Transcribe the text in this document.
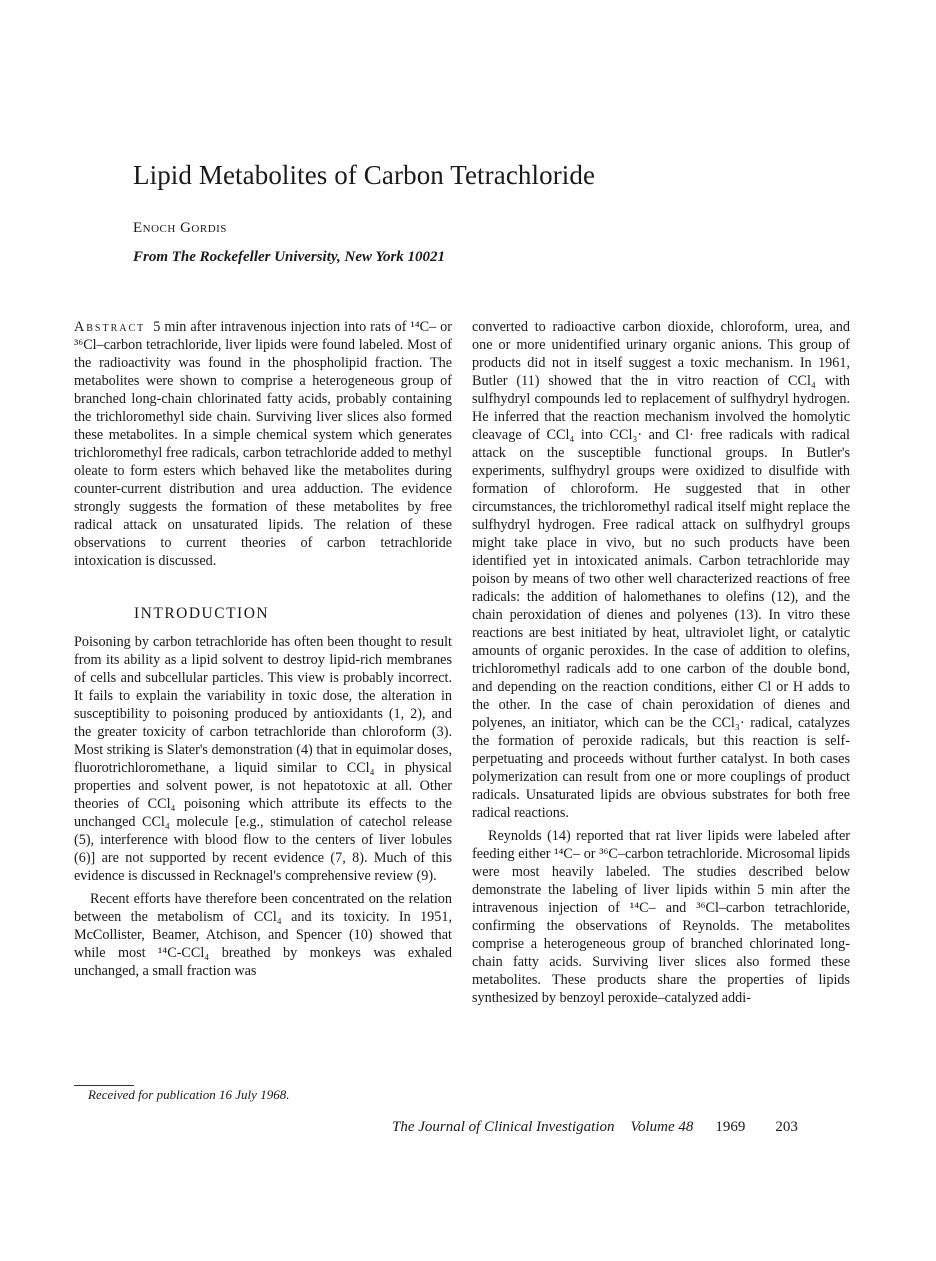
Lipid Metabolites of Carbon Tetrachloride
Enoch Gordis
From The Rockefeller University, New York 10021

Abstract 5 min after intravenous injection into rats of ¹⁴C– or ³⁶Cl–carbon tetrachloride, liver lipids were found labeled. Most of the radioactivity was found in the phospholipid fraction. The metabolites were shown to comprise a heterogeneous group of branched long-chain chlorinated fatty acids, probably containing the trichloromethyl side chain. Surviving liver slices also formed these metabolites. In a simple chemical system which generates trichloromethyl free radicals, carbon tetrachloride added to methyl oleate to form esters which behaved like the metabolites during counter-current distribution and urea adduction. The evidence strongly suggests the formation of these metabolites by free radical attack on unsaturated lipids. The relation of these observations to current theories of carbon tetrachloride intoxication is discussed.

INTRODUCTION

Poisoning by carbon tetrachloride has often been thought to result from its ability as a lipid solvent to destroy lipid-rich membranes of cells and subcellular particles. This view is probably incorrect. It fails to explain the variability in toxic dose, the alteration in susceptibility to poisoning produced by antioxidants (1, 2), and the greater toxicity of carbon tetrachloride than chloroform (3). Most striking is Slater's demonstration (4) that in equimolar doses, fluorotrichloromethane, a liquid similar to CCl₄ in physical properties and solvent power, is not hepatotoxic at all. Other theories of CCl₄ poisoning which attribute its effects to the unchanged CCl₄ molecule [e.g., stimulation of catechol release (5), interference with blood flow to the centers of liver lobules (6)] are not supported by recent evidence (7, 8). Much of this evidence is discussed in Recknagel's comprehensive review (9).

Recent efforts have therefore been concentrated on the relation between the metabolism of CCl₄ and its toxicity. In 1951, McCollister, Beamer, Atchison, and Spencer (10) showed that while most ¹⁴C-CCl₄ breathed by monkeys was exhaled unchanged, a small fraction was

converted to radioactive carbon dioxide, chloroform, urea, and one or more unidentified urinary organic anions. This group of products did not in itself suggest a toxic mechanism. In 1961, Butler (11) showed that the in vitro reaction of CCl₄ with sulfhydryl compounds led to replacement of sulfhydryl hydrogen. He inferred that the reaction mechanism involved the homolytic cleavage of CCl₄ into CCl₃· and Cl· free radicals with radical attack on the susceptible functional groups. In Butler's experiments, sulfhydryl groups were oxidized to disulfide with formation of chloroform. He suggested that in other circumstances, the trichloromethyl radical itself might replace the sulfhydryl hydrogen. Free radical attack on sulfhydryl groups might take place in vivo, but no such products have been identified yet in intoxicated animals. Carbon tetrachloride may poison by means of two other well characterized reactions of free radicals: the addition of halomethanes to olefins (12), and the chain peroxidation of dienes and polyenes (13). In vitro these reactions are best initiated by heat, ultraviolet light, or catalytic amounts of organic peroxides. In the case of addition to olefins, trichloromethyl radicals add to one carbon of the double bond, and depending on the reaction conditions, either Cl or H adds to the other. In the case of chain peroxidation of dienes and polyenes, an initiator, which can be the CCl₃· radical, catalyzes the formation of peroxide radicals, but this reaction is self-perpetuating and proceeds without further catalyst. In both cases polymerization can result from one or more couplings of product radicals. Unsaturated lipids are obvious substrates for both free radical reactions.

Reynolds (14) reported that rat liver lipids were labeled after feeding either ¹⁴C– or ³⁶C–carbon tetrachloride. Microsomal lipids were most heavily labeled. The studies described below demonstrate the labeling of liver lipids within 5 min after the intravenous injection of ¹⁴C– and ³⁶Cl–carbon tetrachloride, confirming the observations of Reynolds. The metabolites comprise a heterogeneous group of branched chlorinated long-chain fatty acids. Surviving liver slices also formed these metabolites. These products share the properties of lipids synthesized by benzoyl peroxide–catalyzed addi-

Received for publication 16 July 1968.
The Journal of Clinical Investigation Volume 48 1969 203
